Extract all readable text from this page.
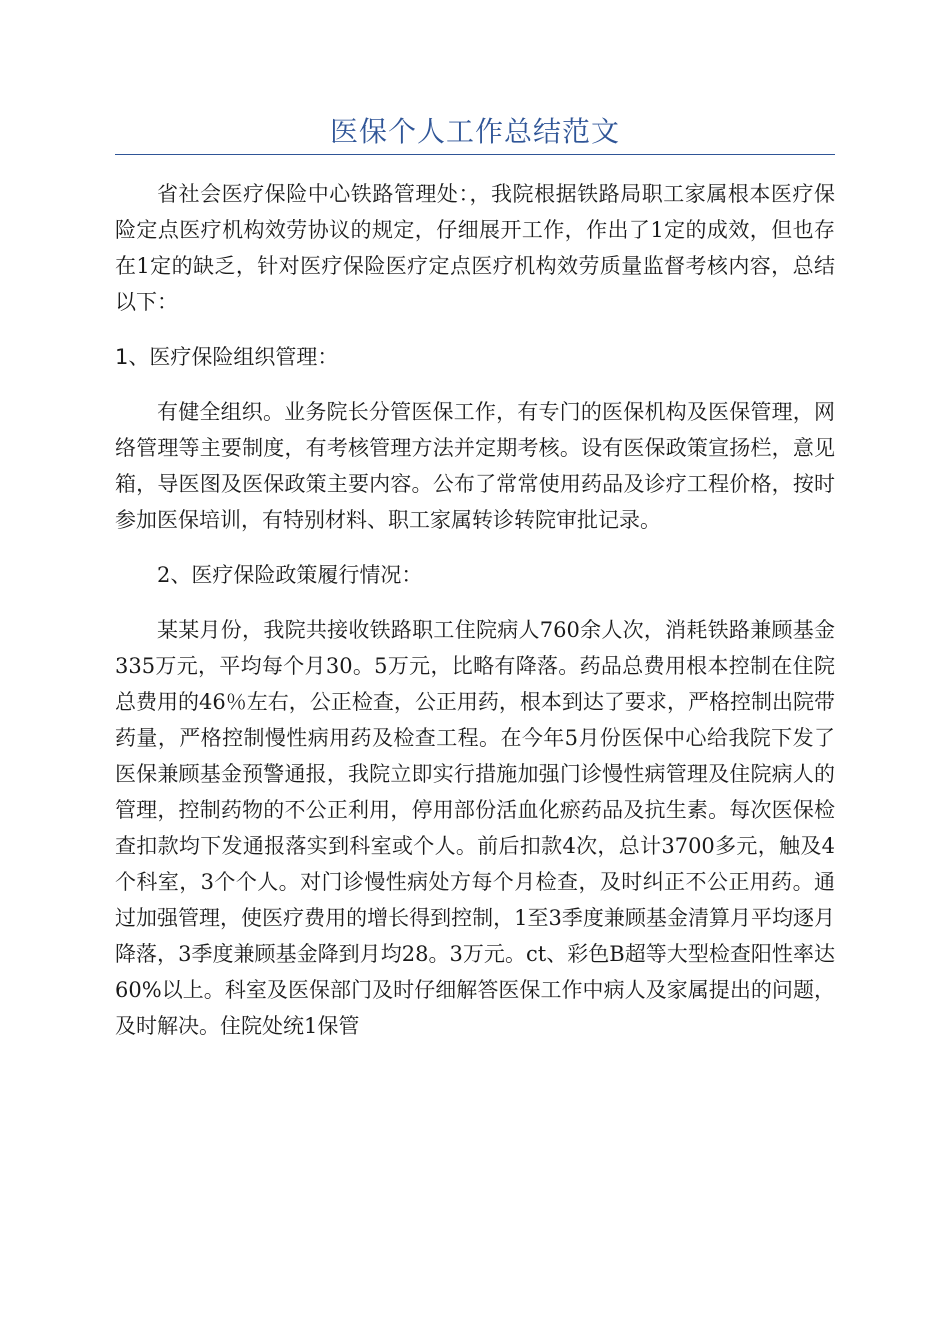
医保个人工作总结范文

省社会医疗保险中心铁路管理处：，我院根据铁路局职工家属根本医疗保险定点医疗机构效劳协议的规定，仔细展开工作，作出了1定的成效，但也存在1定的缺乏，针对医疗保险医疗定点医疗机构效劳质量监督考核内容，总结以下：

1、医疗保险组织管理：

有健全组织。业务院长分管医保工作，有专门的医保机构及医保管理，网络管理等主要制度，有考核管理方法并定期考核。设有医保政策宣扬栏，意见箱，导医图及医保政策主要内容。公布了常常使用药品及诊疗工程价格，按时参加医保培训，有特别材料、职工家属转诊转院审批记录。

2、医疗保险政策履行情况：

某某月份，我院共接收铁路职工住院病人760余人次，消耗铁路兼顾基金335万元，平均每个月30。5万元，比略有降落。药品总费用根本控制在住院总费用的46％左右，公正检查，公正用药，根本到达了要求，严格控制出院带药量，严格控制慢性病用药及检查工程。在今年5月份医保中心给我院下发了医保兼顾基金预警通报，我院立即实行措施加强门诊慢性病管理及住院病人的管理，控制药物的不公正利用，停用部份活血化瘀药品及抗生素。每次医保检查扣款均下发通报落实到科室或个人。前后扣款4次，总计3700多元，触及4个科室，3个个人。对门诊慢性病处方每个月检查，及时纠正不公正用药。通过加强管理，使医疗费用的增长得到控制，1至3季度兼顾基金清算月平均逐月降落，3季度兼顾基金降到月均28。3万元。ct、彩色B超等大型检查阳性率达60%以上。科室及医保部门及时仔细解答医保工作中病人及家属提出的问题，及时解决。住院处统1保管
